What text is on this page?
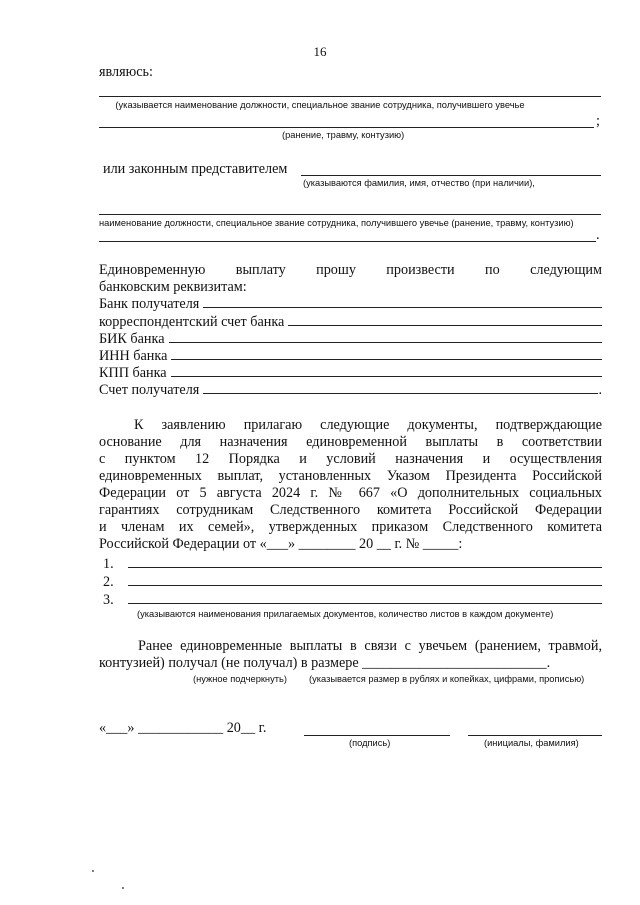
16
являюсь:
(указывается наименование должности, специальное звание сотрудника, получившего увечье
;
(ранение, травму, контузию)
или законным представителем
(указываются фамилия, имя, отчество (при наличии),
наименование должности, специальное звание сотрудника, получившего увечье (ранение, травму, контузию)
.
Единовременную выплату прошу произвести по следующим
банковским реквизитам:
Банк получателя
корреспондентский счет банка
БИК банка
ИНН банка
КПП банка
Счет получателя	.
К заявлению прилагаю следующие документы, подтверждающие
основание для назначения единовременной выплаты в соответствии
с пунктом 12 Порядка и условий назначения и осуществления
единовременных выплат, установленных Указом Президента Российской
Федерации от 5 августа 2024 г. № 667 «О дополнительных социальных
гарантиях сотрудникам Следственного комитета Российской Федерации
и членам их семей», утвержденных приказом Следственного комитета
Российской Федерации от «___» ________ 20 __ г. № _____:
1.
2.
3.
(указываются наименования прилагаемых документов, количество листов в каждом документе)
Ранее единовременные выплаты в связи с увечьем (ранением, травмой,
контузией) получал (не получал) в размере __________________________.
(нужное подчеркнуть) (указывается размер в рублях и копейках, цифрами, прописью)
«___» ____________ 20__ г.
(подпись)	(инициалы, фамилия)
